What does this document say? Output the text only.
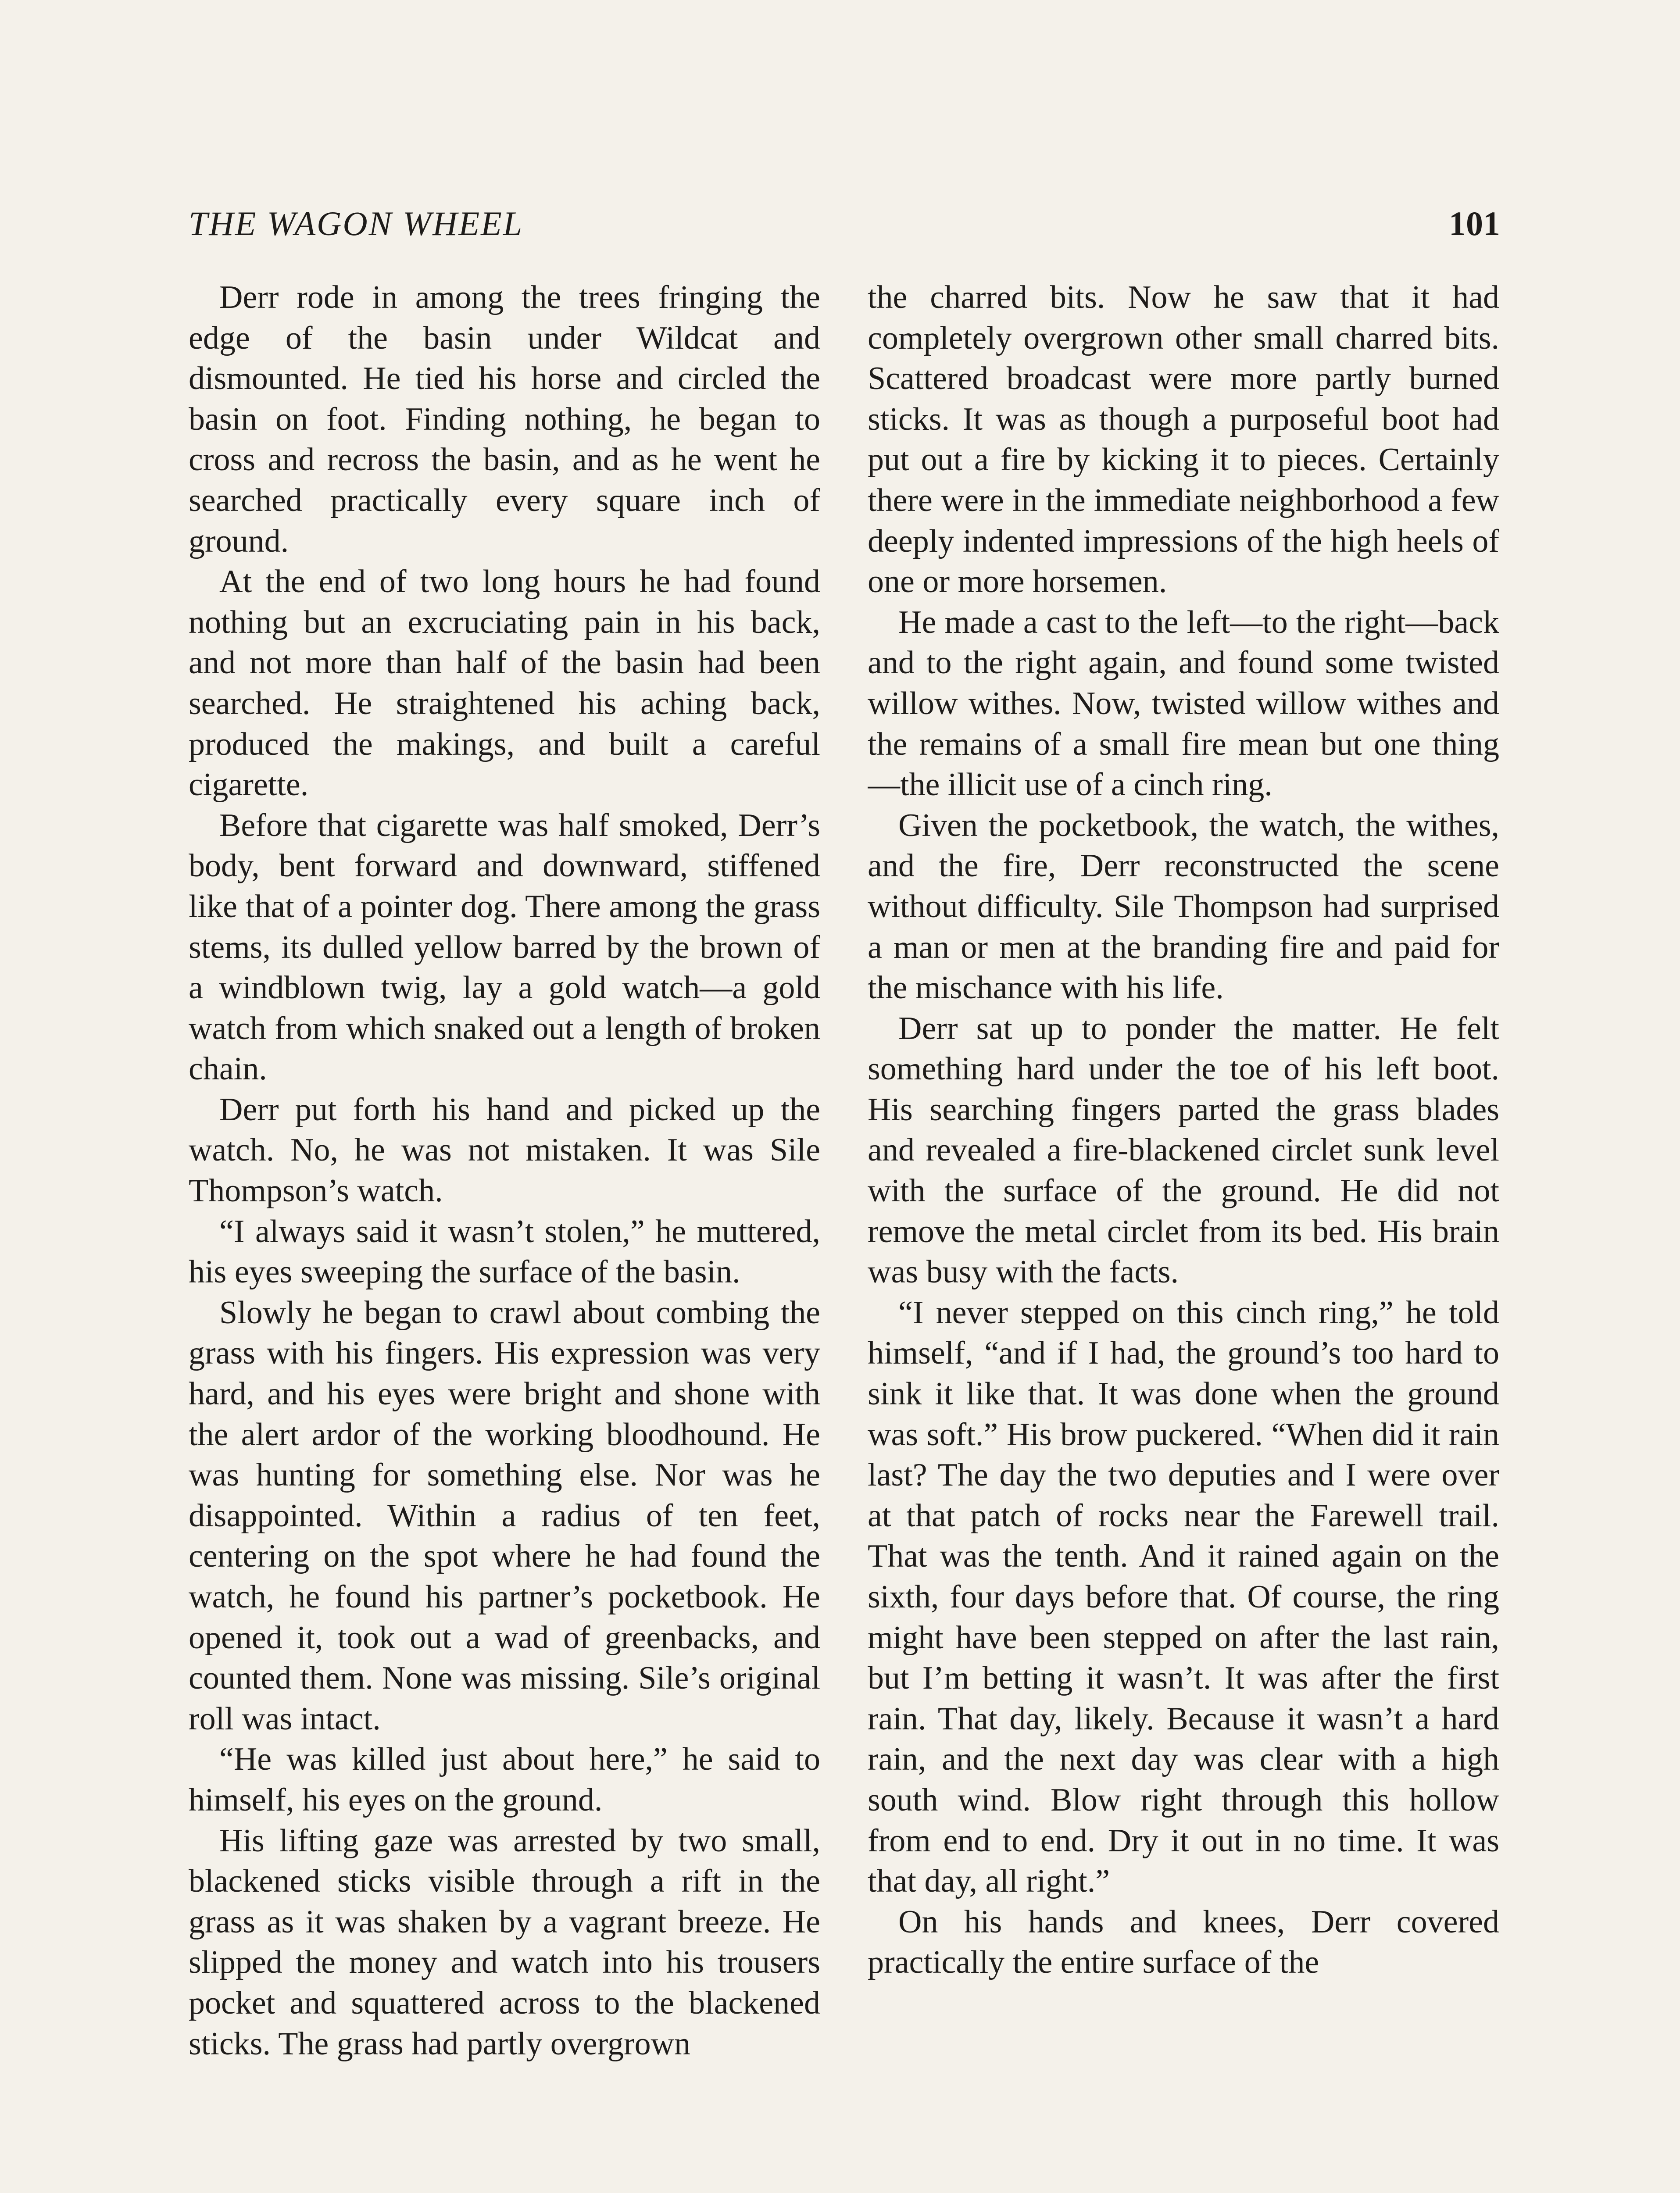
THE WAGON WHEEL	101

Derr rode in among the trees fringing the edge of the basin under Wildcat and dismounted. He tied his horse and circled the basin on foot. Finding nothing, he began to cross and recross the basin, and as he went he searched practically every square inch of ground.

At the end of two long hours he had found nothing but an excruciating pain in his back, and not more than half of the basin had been searched. He straightened his aching back, produced the makings, and built a careful cigarette.

Before that cigarette was half smoked, Derr’s body, bent forward and downward, stiffened like that of a pointer dog. There among the grass stems, its dulled yellow barred by the brown of a windblown twig, lay a gold watch—a gold watch from which snaked out a length of broken chain.

Derr put forth his hand and picked up the watch. No, he was not mistaken. It was Sile Thompson’s watch.

“I always said it wasn’t stolen,” he muttered, his eyes sweeping the surface of the basin.

Slowly he began to crawl about combing the grass with his fingers. His expression was very hard, and his eyes were bright and shone with the alert ardor of the working bloodhound. He was hunting for something else. Nor was he disappointed. Within a radius of ten feet, centering on the spot where he had found the watch, he found his partner’s pocketbook. He opened it, took out a wad of greenbacks, and counted them. None was missing. Sile’s original roll was intact.

“He was killed just about here,” he said to himself, his eyes on the ground.

His lifting gaze was arrested by two small, blackened sticks visible through a rift in the grass as it was shaken by a vagrant breeze. He slipped the money and watch into his trousers pocket and squattered across to the blackened sticks. The grass had partly overgrown

the charred bits. Now he saw that it had completely overgrown other small charred bits. Scattered broadcast were more partly burned sticks. It was as though a purposeful boot had put out a fire by kicking it to pieces. Certainly there were in the immediate neighborhood a few deeply indented impressions of the high heels of one or more horsemen.

He made a cast to the left—to the right—back and to the right again, and found some twisted willow withes. Now, twisted willow withes and the remains of a small fire mean but one thing —the illicit use of a cinch ring.

Given the pocketbook, the watch, the withes, and the fire, Derr reconstructed the scene without difficulty. Sile Thompson had surprised a man or men at the branding fire and paid for the mischance with his life.

Derr sat up to ponder the matter. He felt something hard under the toe of his left boot. His searching fingers parted the grass blades and revealed a fire-blackened circlet sunk level with the surface of the ground. He did not remove the metal circlet from its bed. His brain was busy with the facts.

“I never stepped on this cinch ring,” he told himself, “and if I had, the ground’s too hard to sink it like that. It was done when the ground was soft.” His brow puckered. “When did it rain last? The day the two deputies and I were over at that patch of rocks near the Farewell trail. That was the tenth. And it rained again on the sixth, four days before that. Of course, the ring might have been stepped on after the last rain, but I’m betting it wasn’t. It was after the first rain. That day, likely. Because it wasn’t a hard rain, and the next day was clear with a high south wind. Blow right through this hollow from end to end. Dry it out in no time. It was that day, all right.”

On his hands and knees, Derr covered practically the entire surface of the
